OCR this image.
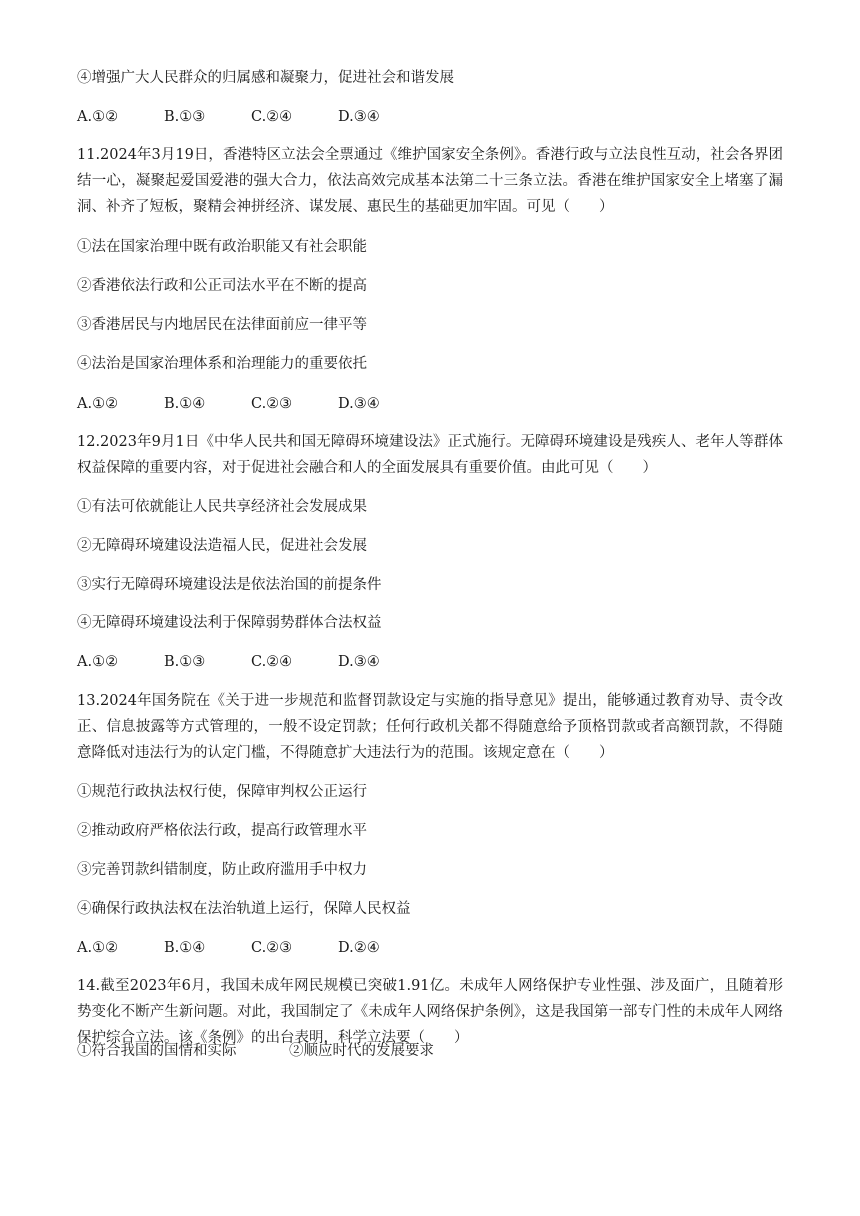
④增强广大人民群众的归属感和凝聚力，促进社会和谐发展
A.①②	B.①③	C.②④	D.③④
11.2024年3月19日，香港特区立法会全票通过《维护国家安全条例》。香港行政与立法良性互动，社会各界团结一心，凝聚起爱国爱港的强大合力，依法高效完成基本法第二十三条立法。香港在维护国家安全上堵塞了漏洞、补齐了短板，聚精会神拼经济、谋发展、惠民生的基础更加牢固。可见（　　）
①法在国家治理中既有政治职能又有社会职能
②香港依法行政和公正司法水平在不断的提高
③香港居民与内地居民在法律面前应一律平等
④法治是国家治理体系和治理能力的重要依托
A.①②	B.①④	C.②③	D.③④
12.2023年9月1日《中华人民共和国无障碍环境建设法》正式施行。无障碍环境建设是残疾人、老年人等群体权益保障的重要内容，对于促进社会融合和人的全面发展具有重要价值。由此可见（　　）
①有法可依就能让人民共享经济社会发展成果
②无障碍环境建设法造福人民，促进社会发展
③实行无障碍环境建设法是依法治国的前提条件
④无障碍环境建设法利于保障弱势群体合法权益
A.①②	B.①③	C.②④	D.③④
13.2024年国务院在《关于进一步规范和监督罚款设定与实施的指导意见》提出，能够通过教育劝导、责令改正、信息披露等方式管理的，一般不设定罚款；任何行政机关都不得随意给予顶格罚款或者高额罚款，不得随意降低对违法行为的认定门槛，不得随意扩大违法行为的范围。该规定意在（　　）
①规范行政执法权行使，保障审判权公正运行
②推动政府严格依法行政，提高行政管理水平
③完善罚款纠错制度，防止政府滥用手中权力
④确保行政执法权在法治轨道上运行，保障人民权益
A.①②	B.①④	C.②③	D.②④
14.截至2023年6月，我国未成年网民规模已突破1.91亿。未成年人网络保护专业性强、涉及面广，且随着形势变化不断产生新问题。对此，我国制定了《未成年人网络保护条例》，这是我国第一部专门性的未成年人网络保护综合立法。该《条例》的出台表明，科学立法要（　　）
①符合我国的国情和实际	②顺应时代的发展要求
